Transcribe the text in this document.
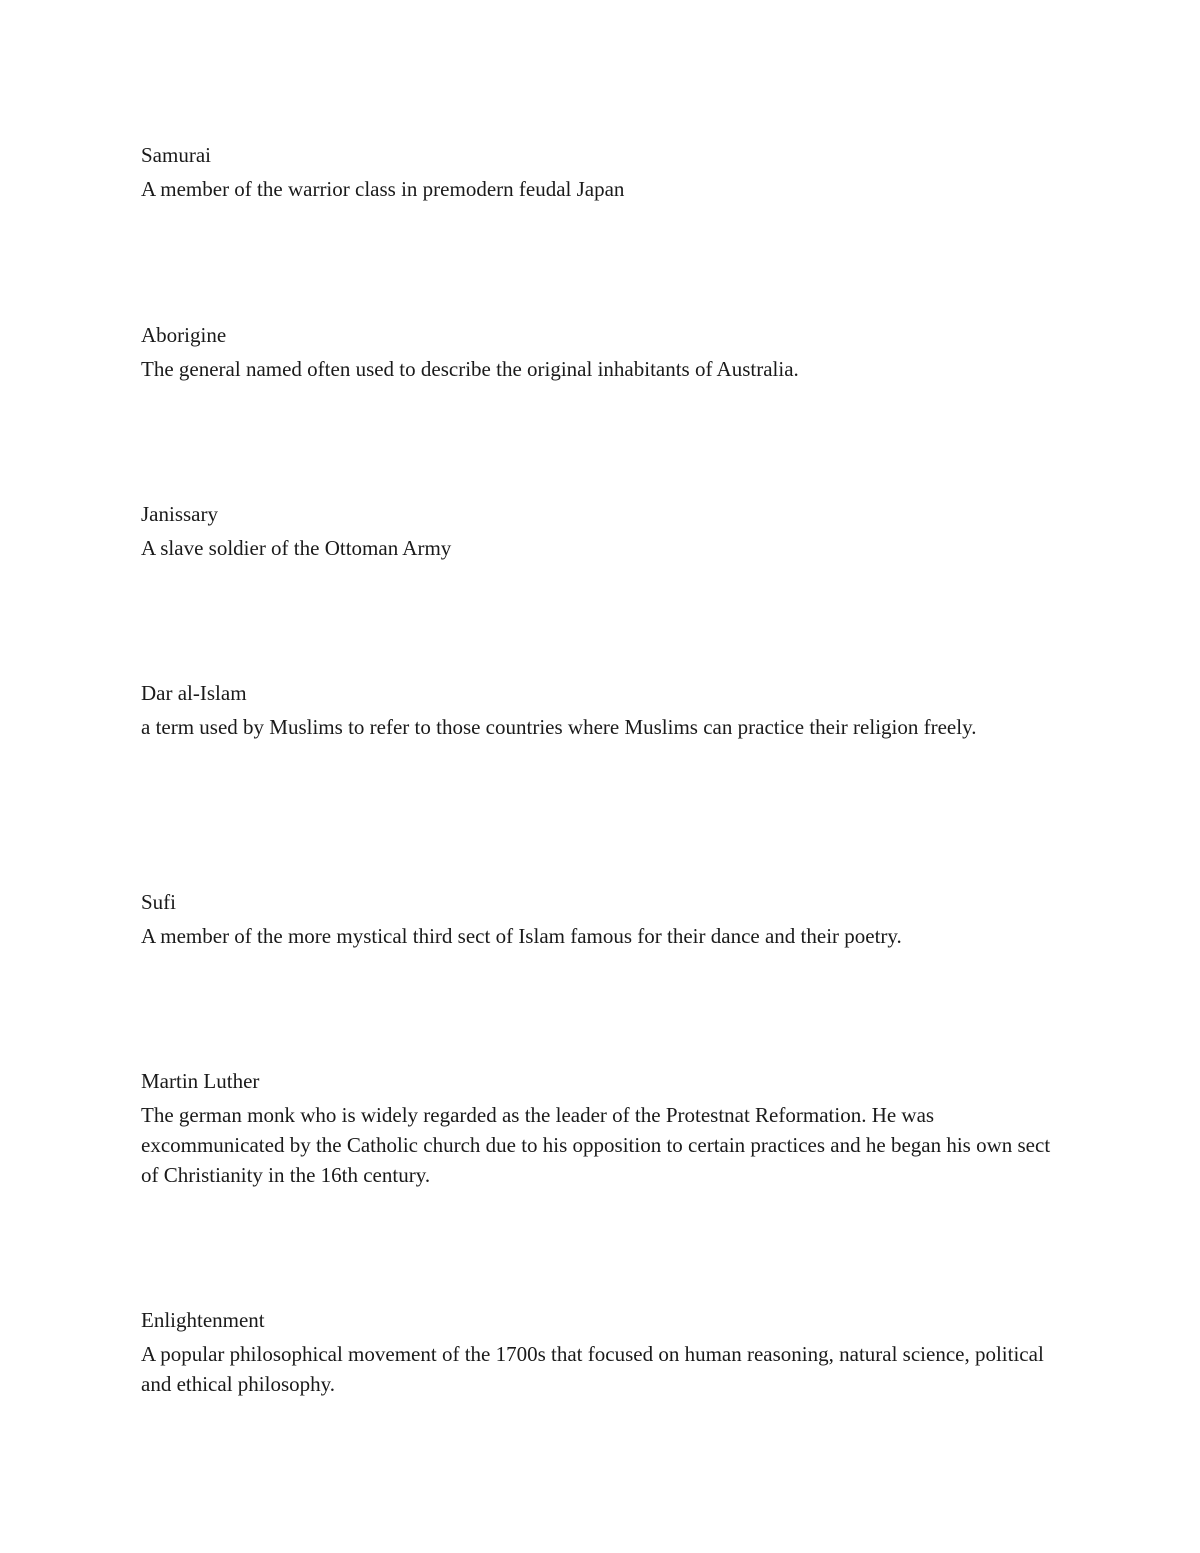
Samurai

A member of the warrior class in premodern feudal Japan

Aborigine

The general named often used to describe the original inhabitants of Australia.

Janissary

A slave soldier of the Ottoman Army

Dar al-Islam

a term used by Muslims to refer to those countries where Muslims can practice their religion freely.

Sufi

A member of the more mystical third sect of Islam famous for their dance and their poetry.

Martin Luther

The german monk who is widely regarded as the leader of the Protestnat Reformation. He was excommunicated by the Catholic church due to his opposition to certain practices and he began his own sect of Christianity in the 16th century.

Enlightenment

A popular philosophical movement of the 1700s that focused on human reasoning, natural science, political and ethical philosophy.
